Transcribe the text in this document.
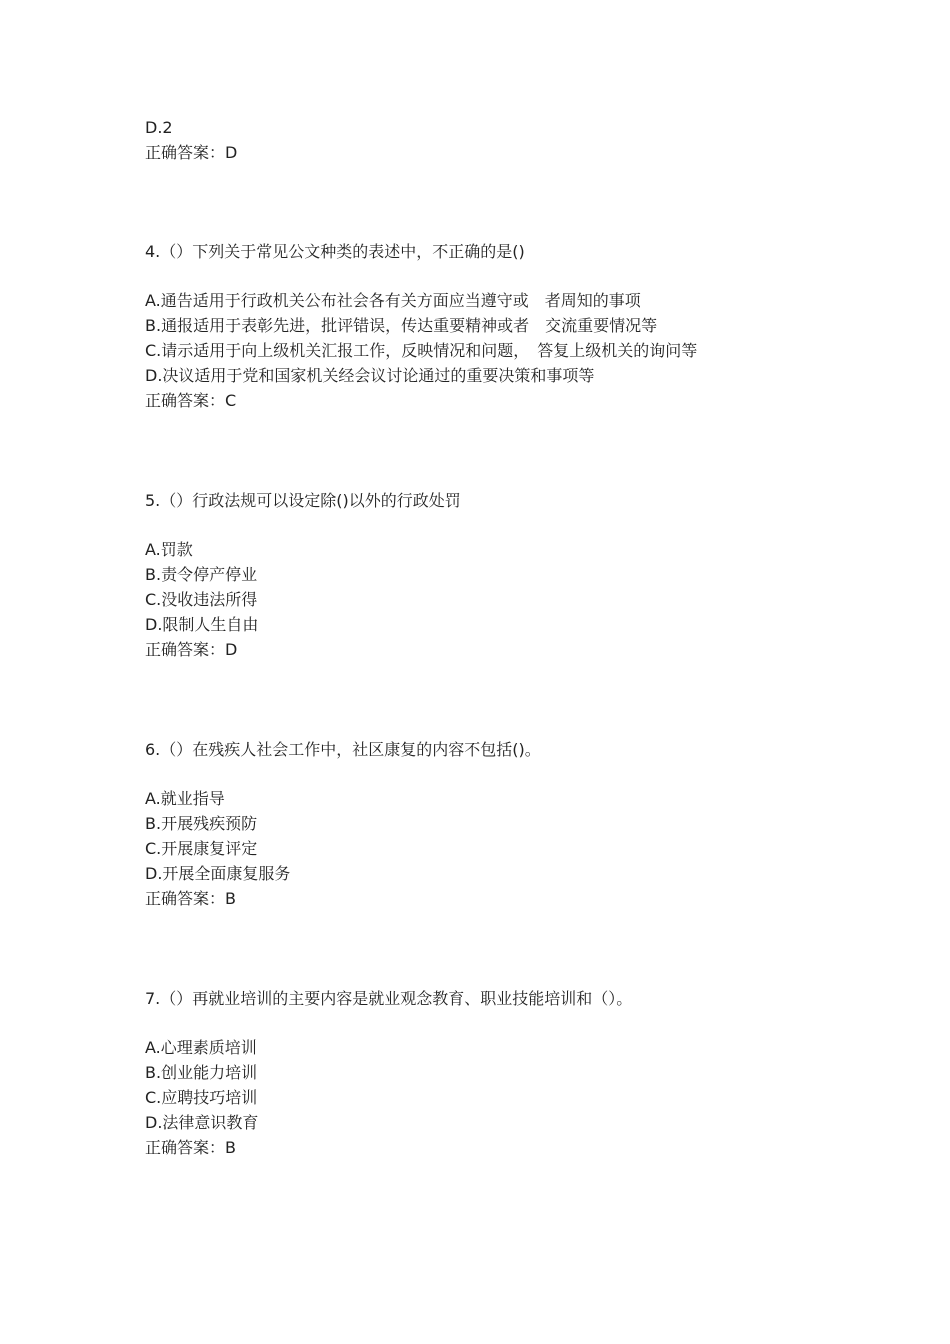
D.2
正确答案：D
4.（）下列关于常见公文种类的表述中，不正确的是()
A.通告适用于行政机关公布社会各有关方面应当遵守或　者周知的事项
B.通报适用于表彰先进，批评错误，传达重要精神或者　交流重要情况等
C.请示适用于向上级机关汇报工作，反映情况和问题，　答复上级机关的询问等
D.决议适用于党和国家机关经会议讨论通过的重要决策和事项等
正确答案：C
5.（）行政法规可以设定除()以外的行政处罚
A.罚款
B.责令停产停业
C.没收违法所得
D.限制人生自由
正确答案：D
6.（）在残疾人社会工作中，社区康复的内容不包括()。
A.就业指导
B.开展残疾预防
C.开展康复评定
D.开展全面康复服务
正确答案：B
7.（）再就业培训的主要内容是就业观念教育、职业技能培训和（）。
A.心理素质培训
B.创业能力培训
C.应聘技巧培训
D.法律意识教育
正确答案：B
